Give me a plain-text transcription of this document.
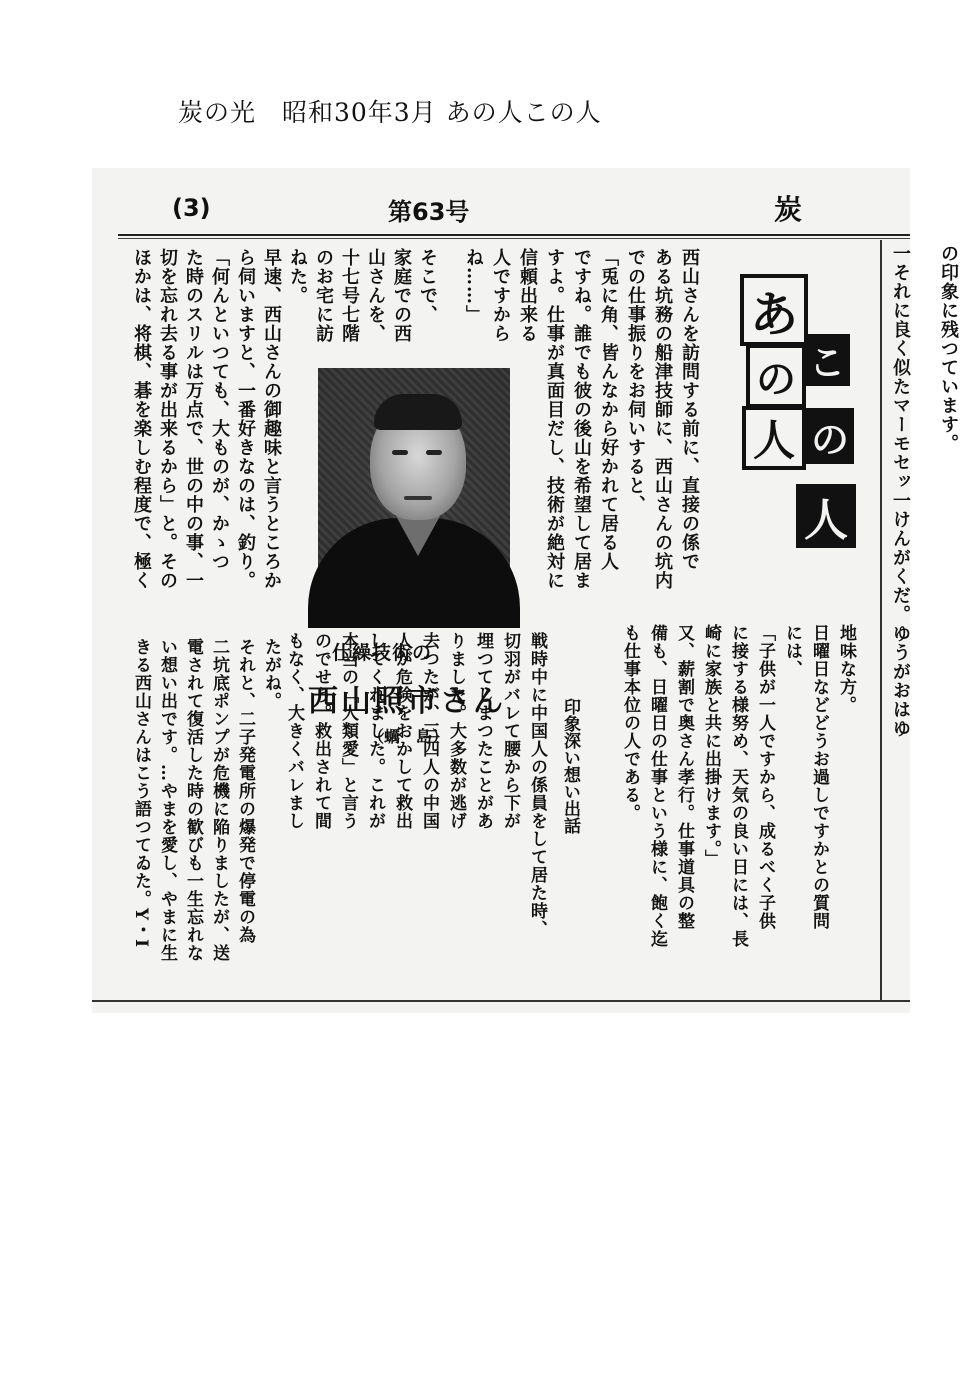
炭の光　昭和30年3月 あの人この人
(3)	第63号	炭
の印象に残つています。

一それに良く似たマーモセッ一けんがくだ。ゆうがおはゆ
あ
の
人
こ
の
人
地味な方。
日曜日などどうお過しですかとの質問
には、
「子供が一人ですから、成るべく子供
に接する様努め、天気の良い日には、長
崎に家族と共に出掛けます。」
又、薪割で奥さん孝行。仕事道具の整
備も、日曜日の仕事という様に、飽く迄
も仕事本位の人である。
西山さんを訪問する前に、直接の係で
ある坑務の船津技師に、西山さんの坑内
での仕事振りをお伺いすると、
「兎に角、皆んなから好かれて居る人
ですね。誰でも彼の後山を希望して居ま
すよ。仕事が真面目だし、技術が絶対に
信頼出来る
人ですから
ね……」
そこで、
家庭での西
山さんを、
十七号七階
のお宅に訪
ねた。
早速、西山さんの御趣味と言うところか
ら伺いますと、一番好きなのは、釣り。
「何んといつても、大ものが、かゝつ
た時のスリルは万点で、世の中の事、一
切を忘れ去る事が出来るから」と。その
ほかは、将棋、碁を楽しむ程度で、極く
仕繰技術の
西山照市さん
（蠣　島）	印象深い想い出話
戦時中に中国人の係員をして居た時、
切羽がバレて腰から下が
埋つてしまつたことがあ
りました。大多数が逃げ
去つたが、三四人の中国
人が危険をおかして救出
してくれました。これが
本当の「人類愛」と言う
のでせう。救出されて間
もなく、大きくバレまし
たがね。
それと、二子発電所の爆発で停電の為
二坑底ポンプが危機に陥りましたが、送
電されて復活した時の歓びも一生忘れな
い想い出です。…やまを愛し、やまに生
きる西山さんはこう語つてゐた。Y・I
